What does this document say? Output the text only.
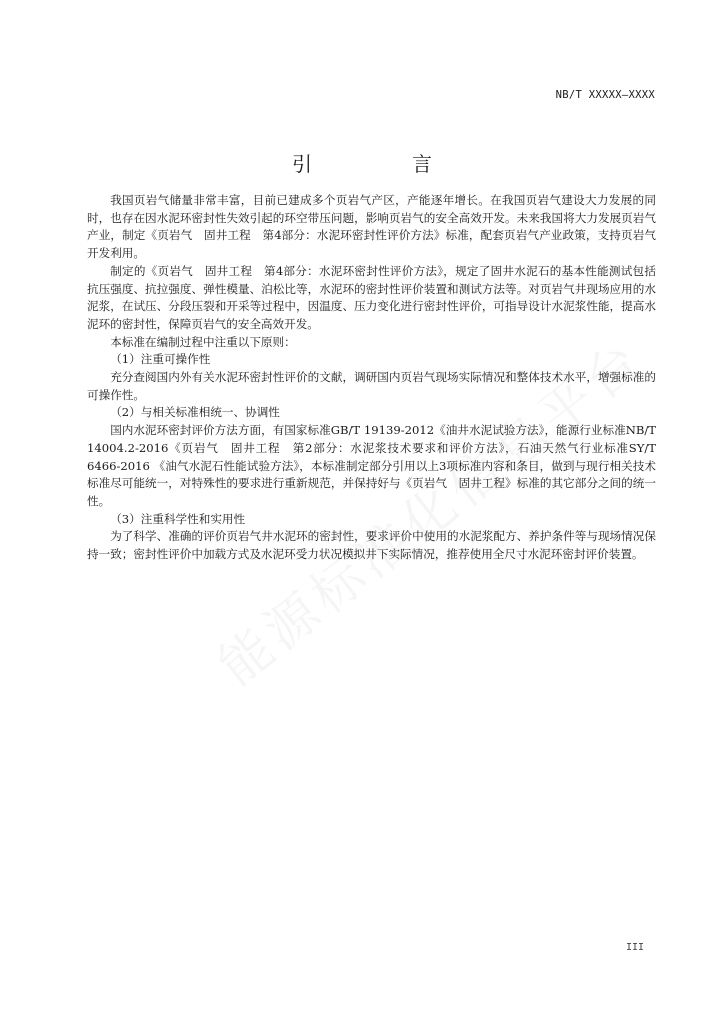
NB/T XXXXX—XXXX
引　言

我国页岩气储量非常丰富，目前已建成多个页岩气产区，产能逐年增长。在我国页岩气建设大力发展的同时，也存在因水泥环密封性失效引起的环空带压问题，影响页岩气的安全高效开发。未来我国将大力发展页岩气产业，制定《页岩气　固井工程　第4部分：水泥环密封性评价方法》标准，配套页岩气产业政策，支持页岩气开发利用。

制定的《页岩气　固井工程　第4部分：水泥环密封性评价方法》，规定了固井水泥石的基本性能测试包括抗压强度、抗拉强度、弹性模量、泊松比等，水泥环的密封性评价装置和测试方法等。对页岩气井现场应用的水泥浆，在试压、分段压裂和开采等过程中，因温度、压力变化进行密封性评价，可指导设计水泥浆性能，提高水泥环的密封性，保障页岩气的安全高效开发。

本标准在编制过程中注重以下原则：

（1）注重可操作性

充分查阅国内外有关水泥环密封性评价的文献，调研国内页岩气现场实际情况和整体技术水平，增强标准的可操作性。

（2）与相关标准相统一、协调性

国内水泥环密封评价方法方面，有国家标准GB/T 19139-2012《油井水泥试验方法》，能源行业标准NB/T 14004.2-2016《页岩气　固井工程　第2部分：水泥浆技术要求和评价方法》，石油天然气行业标准SY/T 6466-2016 《油气水泥石性能试验方法》，本标准制定部分引用以上3项标准内容和条目，做到与现行相关技术标准尽可能统一，对特殊性的要求进行重新规范，并保持好与《页岩气　固井工程》标准的其它部分之间的统一性。

（3）注重科学性和实用性

为了科学、准确的评价页岩气井水泥环的密封性，要求评价中使用的水泥浆配方、养护条件等与现场情况保持一致；密封性评价中加载方式及水泥环受力状况模拟井下实际情况，推荐使用全尺寸水泥环密封评价装置。

III
